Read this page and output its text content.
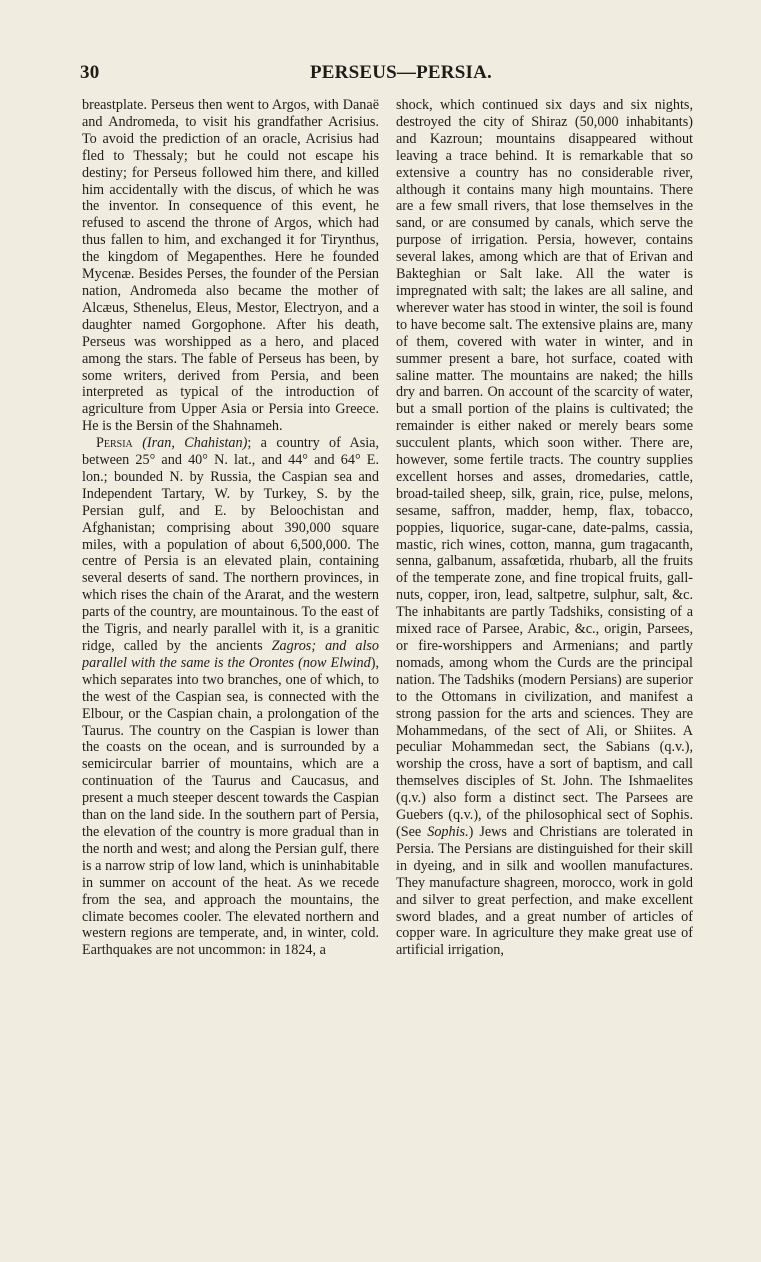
30	PERSEUS—PERSIA.

breastplate. Perseus then went to Argos, with Danaë and Andromeda, to visit his grandfather Acrisius. To avoid the prediction of an oracle, Acrisius had fled to Thessaly; but he could not escape his destiny; for Perseus followed him there, and killed him accidentally with the discus, of which he was the inventor. In consequence of this event, he refused to ascend the throne of Argos, which had thus fallen to him, and exchanged it for Tirynthus, the kingdom of Megapenthes. Here he founded Mycenæ. Besides Perses, the founder of the Persian nation, Andromeda also became the mother of Alcæus, Sthenelus, Eleus, Mestor, Electryon, and a daughter named Gorgophone. After his death, Perseus was worshipped as a hero, and placed among the stars. The fable of Perseus has been, by some writers, derived from Persia, and been interpreted as typical of the introduction of agriculture from Upper Asia or Persia into Greece. He is the Bersin of the Shahnameh.

Persia (Iran, Chahistan); a country of Asia, between 25° and 40° N. lat., and 44° and 64° E. lon.; bounded N. by Russia, the Caspian sea and Independent Tartary, W. by Turkey, S. by the Persian gulf, and E. by Beloochistan and Afghanistan; comprising about 390,000 square miles, with a population of about 6,500,000. The centre of Persia is an elevated plain, containing several deserts of sand. The northern provinces, in which rises the chain of the Ararat, and the western parts of the country, are mountainous. To the east of the Tigris, and nearly parallel with it, is a granitic ridge, called by the ancients Zagros; and also parallel with the same is the Orontes (now Elwind), which separates into two branches, one of which, to the west of the Caspian sea, is connected with the Elbour, or the Caspian chain, a prolongation of the Taurus. The country on the Caspian is lower than the coasts on the ocean, and is surrounded by a semicircular barrier of mountains, which are a continuation of the Taurus and Caucasus, and present a much steeper descent towards the Caspian than on the land side. In the southern part of Persia, the elevation of the country is more gradual than in the north and west; and along the Persian gulf, there is a narrow strip of low land, which is uninhabitable in summer on account of the heat. As we recede from the sea, and approach the mountains, the climate becomes cooler. The elevated northern and western regions are temperate, and, in winter, cold. Earthquakes are not uncommon: in 1824, a

shock, which continued six days and six nights, destroyed the city of Shiraz (50,000 inhabitants) and Kazroun; mountains disappeared without leaving a trace behind. It is remarkable that so extensive a country has no considerable river, although it contains many high mountains. There are a few small rivers, that lose themselves in the sand, or are consumed by canals, which serve the purpose of irrigation. Persia, however, contains several lakes, among which are that of Erivan and Bakteghian or Salt lake. All the water is impregnated with salt; the lakes are all saline, and wherever water has stood in winter, the soil is found to have become salt. The extensive plains are, many of them, covered with water in winter, and in summer present a bare, hot surface, coated with saline matter. The mountains are naked; the hills dry and barren. On account of the scarcity of water, but a small portion of the plains is cultivated; the remainder is either naked or merely bears some succulent plants, which soon wither. There are, however, some fertile tracts. The country supplies excellent horses and asses, dromedaries, cattle, broad-tailed sheep, silk, grain, rice, pulse, melons, sesame, saffron, madder, hemp, flax, tobacco, poppies, liquorice, sugar-cane, date-palms, cassia, mastic, rich wines, cotton, manna, gum tragacanth, senna, galbanum, assafœtida, rhubarb, all the fruits of the temperate zone, and fine tropical fruits, gall-nuts, copper, iron, lead, saltpetre, sulphur, salt, &c. The inhabitants are partly Tadshiks, consisting of a mixed race of Parsee, Arabic, &c., origin, Parsees, or fire-worshippers and Armenians; and partly nomads, among whom the Curds are the principal nation. The Tadshiks (modern Persians) are superior to the Ottomans in civilization, and manifest a strong passion for the arts and sciences. They are Mohammedans, of the sect of Ali, or Shiites. A peculiar Mohammedan sect, the Sabians (q.v.), worship the cross, have a sort of baptism, and call themselves disciples of St. John. The Ishmaelites (q.v.) also form a distinct sect. The Parsees are Guebers (q.v.), of the philosophical sect of Sophis. (See Sophis.) Jews and Christians are tolerated in Persia. The Persians are distinguished for their skill in dyeing, and in silk and woollen manufactures. They manufacture shagreen, morocco, work in gold and silver to great perfection, and make excellent sword blades, and a great number of articles of copper ware. In agriculture they make great use of artificial irrigation,
